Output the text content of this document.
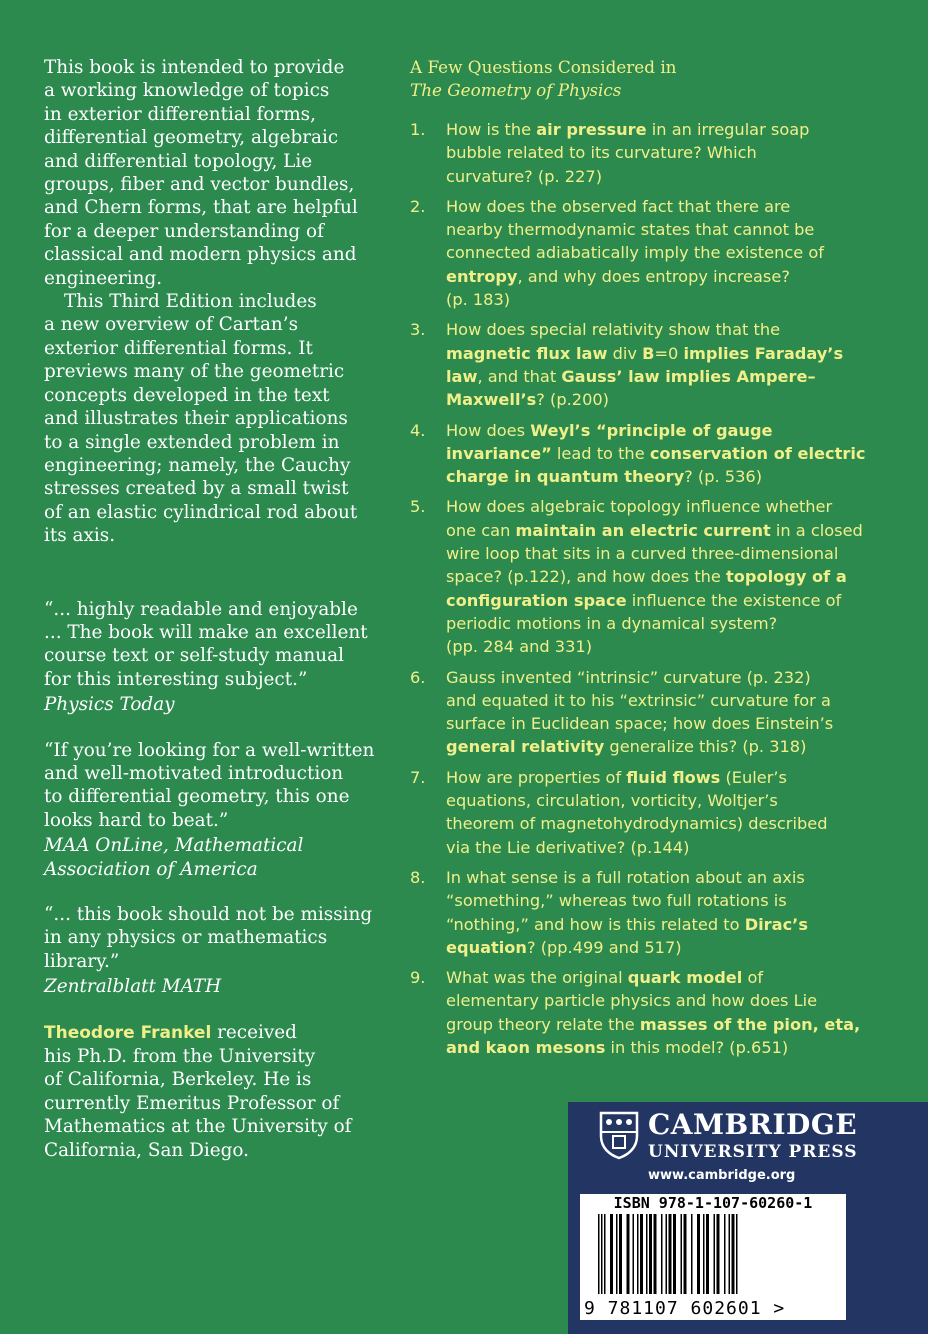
This book is intended to provide
a working knowledge of topics
in exterior differential forms,
differential geometry, algebraic
and differential topology, Lie
groups, fiber and vector bundles,
and Chern forms, that are helpful
for a deeper understanding of
classical and modern physics and
engineering.

This Third Edition includes
a new overview of Cartan’s
exterior differential forms. It
previews many of the geometric
concepts developed in the text
and illustrates their applications
to a single extended problem in
engineering; namely, the Cauchy
stresses created by a small twist
of an elastic cylindrical rod about
its axis.

“... highly readable and enjoyable
... The book will make an excellent
course text or self-study manual
for this interesting subject.”

Physics Today

“If you’re looking for a well-written
and well-motivated introduction
to differential geometry, this one
looks hard to beat.”

MAA OnLine, Mathematical
Association of America

“... this book should not be missing
in any physics or mathematics
library.”

Zentralblatt MATH

Theodore Frankel received
his Ph.D. from the University
of California, Berkeley. He is
currently Emeritus Professor of
Mathematics at the University of
California, San Diego.

A Few Questions Considered in
The Geometry of Physics
1.	How is the air pressure in an irregular soap
bubble related to its curvature? Which
curvature? (p. 227)
2.	How does the observed fact that there are
nearby thermodynamic states that cannot be
connected adiabatically imply the existence of
entropy, and why does entropy increase?
(p. 183)
3.	How does special relativity show that the
magnetic flux law div B=0 implies Faraday’s
law, and that Gauss’ law implies Ampere–
Maxwell’s? (p.200)
4.	How does Weyl’s “principle of gauge
invariance” lead to the conservation of electric
charge in quantum theory? (p. 536)
5.	How does algebraic topology influence whether
one can maintain an electric current in a closed
wire loop that sits in a curved three-dimensional
space? (p.122), and how does the topology of a
configuration space influence the existence of
periodic motions in a dynamical system?
(pp. 284 and 331)
6.	Gauss invented “intrinsic” curvature (p. 232)
and equated it to his “extrinsic” curvature for a
surface in Euclidean space; how does Einstein’s
general relativity generalize this? (p. 318)
7.	How are properties of fluid flows (Euler’s
equations, circulation, vorticity, Woltjer’s
theorem of magnetohydrodynamics) described
via the Lie derivative? (p.144)
8.	In what sense is a full rotation about an axis
“something,” whereas two full rotations is
“nothing,” and how is this related to Dirac’s
equation? (pp.499 and 517)
9.	What was the original quark model of
elementary particle physics and how does Lie
group theory relate the masses of the pion, eta,
and kaon mesons in this model? (p.651)
CAMBRIDGE
UNIVERSITY PRESS
www.cambridge.org
ISBN 978-1-107-60260-1
9 781107 602601 >
